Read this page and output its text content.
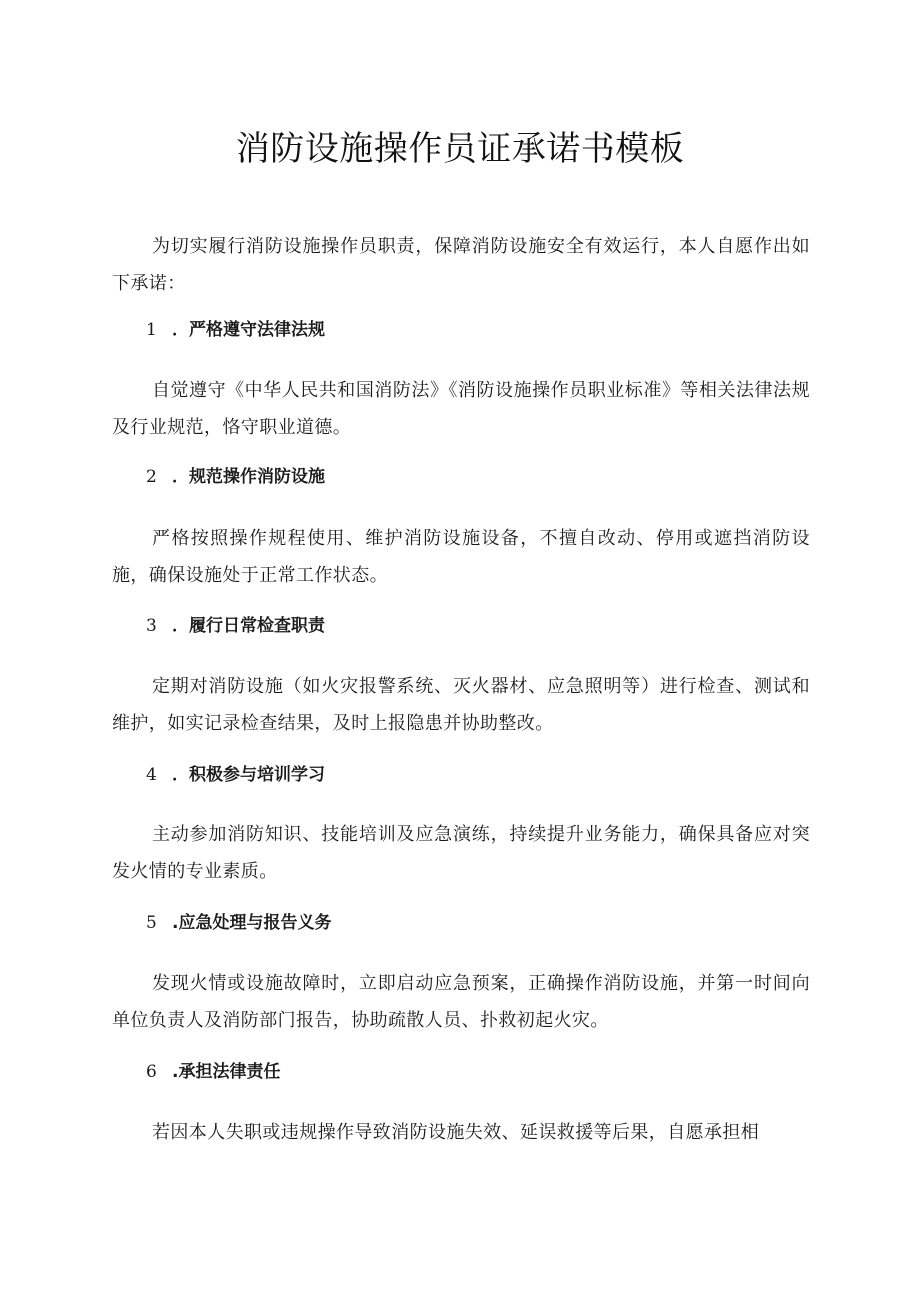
消防设施操作员证承诺书模板

为切实履行消防设施操作员职责，保障消防设施安全有效运行，本人自愿作出如下承诺：

1 ．严格遵守法律法规

自觉遵守《中华人民共和国消防法》《消防设施操作员职业标准》等相关法律法规及行业规范，恪守职业道德。

2 ．规范操作消防设施

严格按照操作规程使用、维护消防设施设备，不擅自改动、停用或遮挡消防设施，确保设施处于正常工作状态。

3 ．履行日常检查职责

定期对消防设施（如火灾报警系统、灭火器材、应急照明等）进行检查、测试和维护，如实记录检查结果，及时上报隐患并协助整改。

4 ．积极参与培训学习

主动参加消防知识、技能培训及应急演练，持续提升业务能力，确保具备应对突发火情的专业素质。

5 .应急处理与报告义务

发现火情或设施故障时，立即启动应急预案，正确操作消防设施，并第一时间向单位负责人及消防部门报告，协助疏散人员、扑救初起火灾。

6 .承担法律责任

若因本人失职或违规操作导致消防设施失效、延误救援等后果，自愿承担相
